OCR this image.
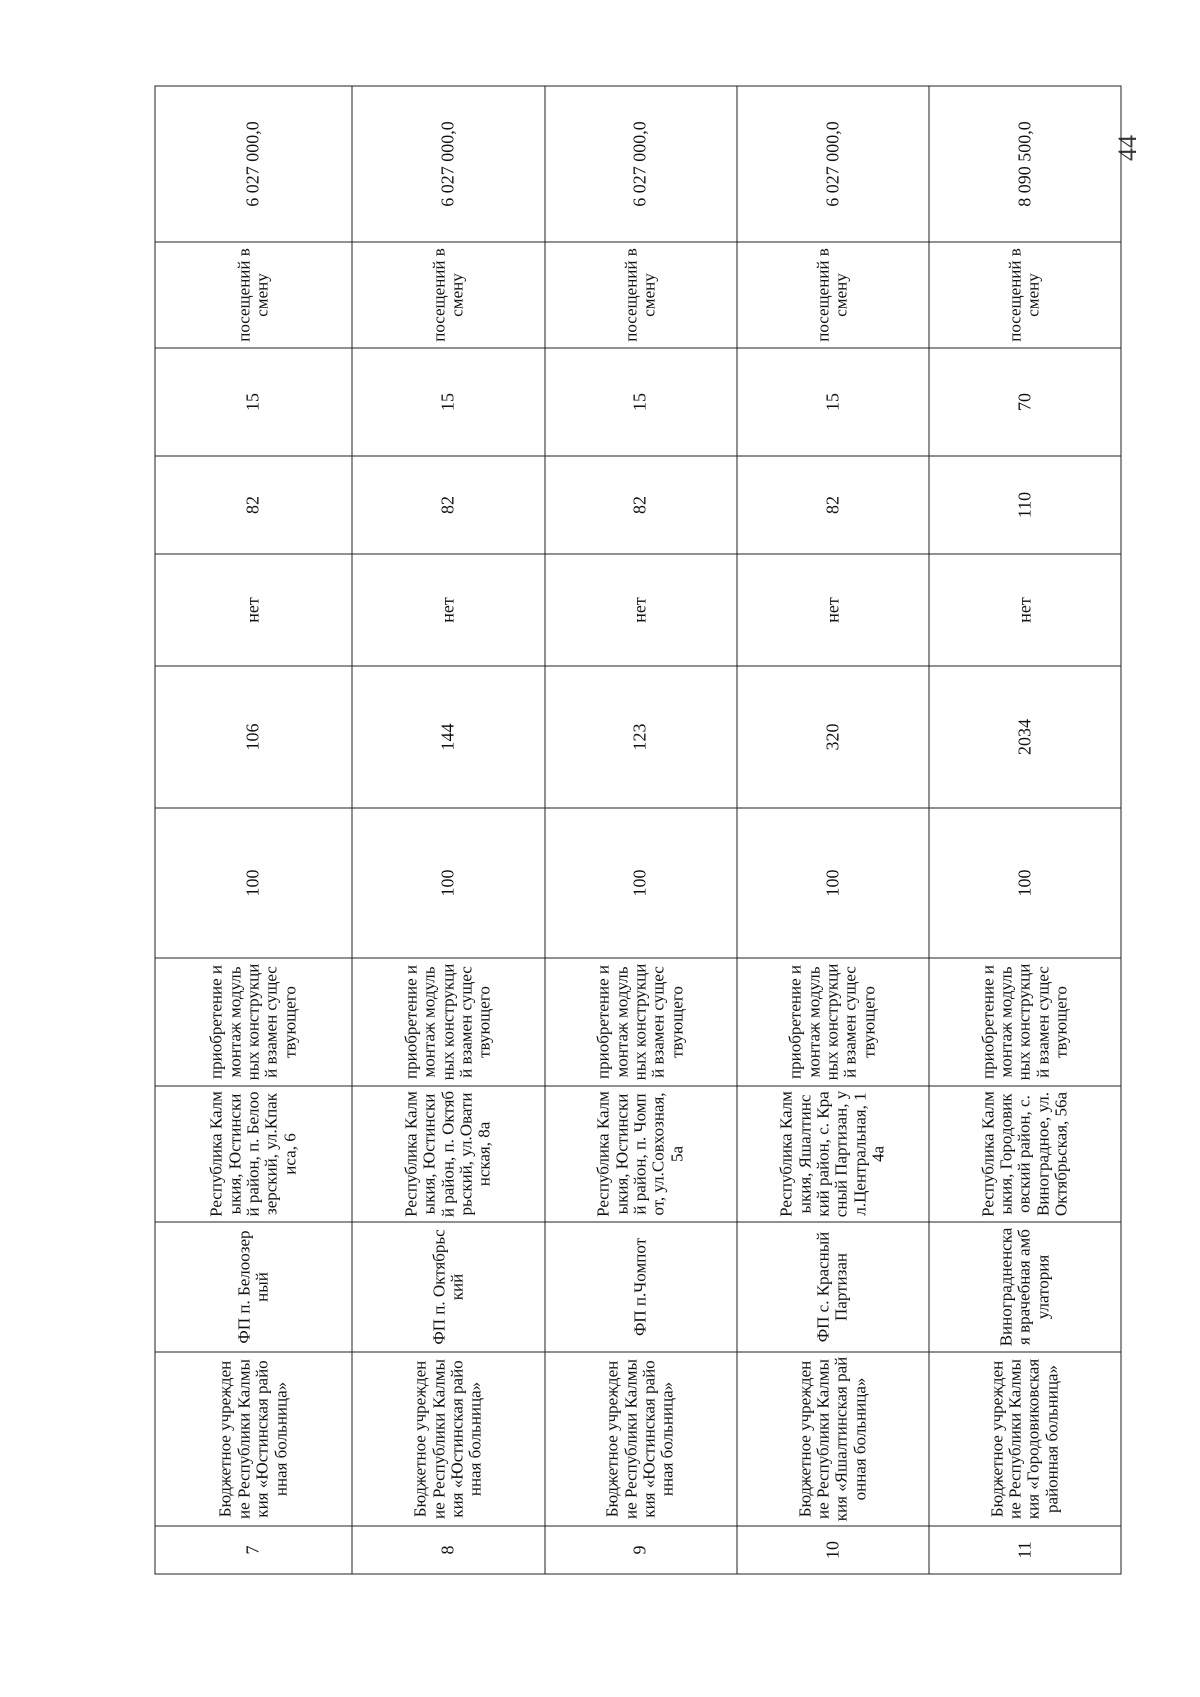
44
7	Бюджетное учреждение Республики Калмыкия «Юстинская районная больница»	ФП п. Белоозерный	Республика Калмыкия, Юстинский район, п. Белоозерский, ул.Кпакиса, 6	приобретение и монтаж модульных конструкций взамен существующего	100	106	нет	82	15	посещений в смену	6 027 000,0
8	Бюджетное учреждение Республики Калмыкия «Юстинская районная больница»	ФП п. Октябрьский	Республика Калмыкия, Юстинский район, п. Октябрьский, ул.Оватинская, 8а	приобретение и монтаж модульных конструкций взамен существующего	100	144	нет	82	15	посещений в смену	6 027 000,0
9	Бюджетное учреждение Республики Калмыкия «Юстинская районная больница»	ФП п.Чомпот	Республика Калмыкия, Юстинский район, п. Чомпот, ул.Совхозная, 5а	приобретение и монтаж модульных конструкций взамен существующего	100	123	нет	82	15	посещений в смену	6 027 000,0
10	Бюджетное учреждение Республики Калмыкия «Яшалтинская районная больница»	ФП с. Красный Партизан	Республика Калмыкия, Яшалтинский район, с. Красный Партизан, ул.Центральная, 14а	приобретение и монтаж модульных конструкций взамен существующего	100	320	нет	82	15	посещений в смену	6 027 000,0
11	Бюджетное учреждение Республики Калмыкия «Городовиковская районная больница»	Виноградненская врачебная амбулатория	Республика Калмыкия, Городовиковский район, с. Виноградное, ул. Октябрьская, 56а	приобретение и монтаж модульных конструкций взамен существующего	100	2034	нет	110	70	посещений в смену	8 090 500,0
